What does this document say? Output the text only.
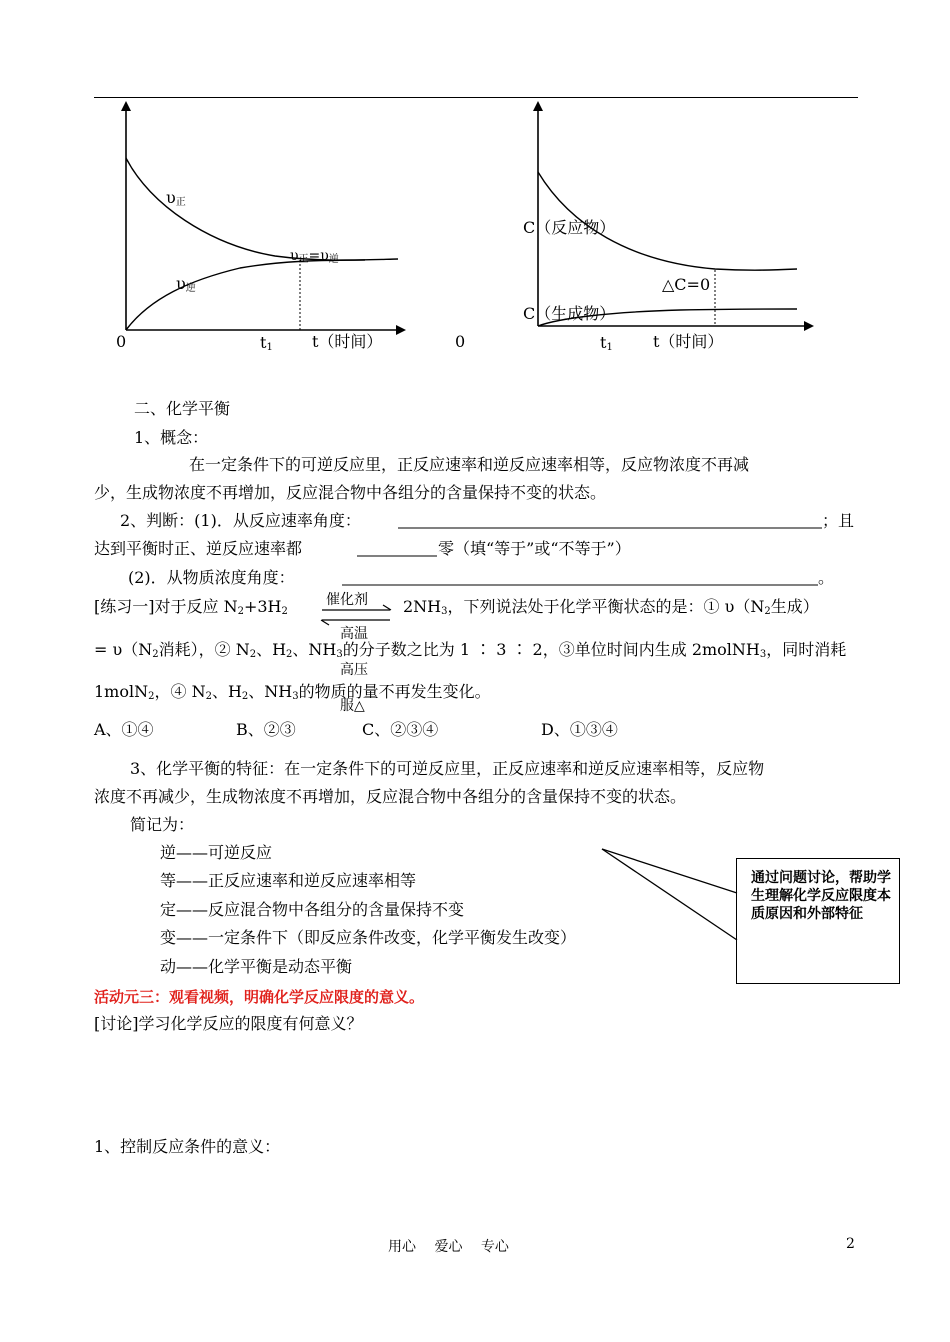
0
$\upsilon_正$
$\upsilon_逆$
$\upsilon_正=\upsilon_逆$
$t_1$ t（时间）	0
C（反应物）
C（生成物）
△C=0
$t_1$	t（时间）
二、化学平衡
1、概念：
在一定条件下的可逆反应里，正反应速率和逆反应速率相等，反应物浓度不再减
少，生成物浓度不再增加，反应混合物中各组分的含量保持不变的状态。
2、判断：(1)．从反应速率角度：	；且
达到平衡时正、逆反应速率都	零（填“等于”或“不等于”）
(2)．从物质浓度角度：	。
[练习一]对于反应 $N_2+3H_2$
催化剂
高温
高压
服△
$2NH_3$，下列说法处于化学平衡状态的是：① $\upsilon(N_2$生成）
= $\upsilon(N_2$消耗），② $N_2$、$H_2$、$NH_3$的分子数之比为 1 ∶ 3 ∶ 2，③单位时间内生成 2molNH$_3$，同时消耗
1molN$_2$，④ $N_2$、$H_2$、$NH_3$的物质的量不再发生变化。
A、①④	B、②③	C、②③④	D、①③④
3、化学平衡的特征：在一定条件下的可逆反应里，正反应速率和逆反应速率相等，反应物
浓度不再减少，生成物浓度不再增加，反应混合物中各组分的含量保持不变的状态。
简记为：
逆——可逆反应
等——正反应速率和逆反应速率相等
定——反应混合物中各组分的含量保持不变
变——一定条件下（即反应条件改变，化学平衡发生改变）
动——化学平衡是动态平衡
通过问题讨论，帮助学生理解化学反应限度本质原因和外部特征
活动元三：观看视频，明确化学反应限度的意义。
[讨论]学习化学反应的限度有何意义？
1、控制反应条件的意义：
用心　 爱心　 专心	2
